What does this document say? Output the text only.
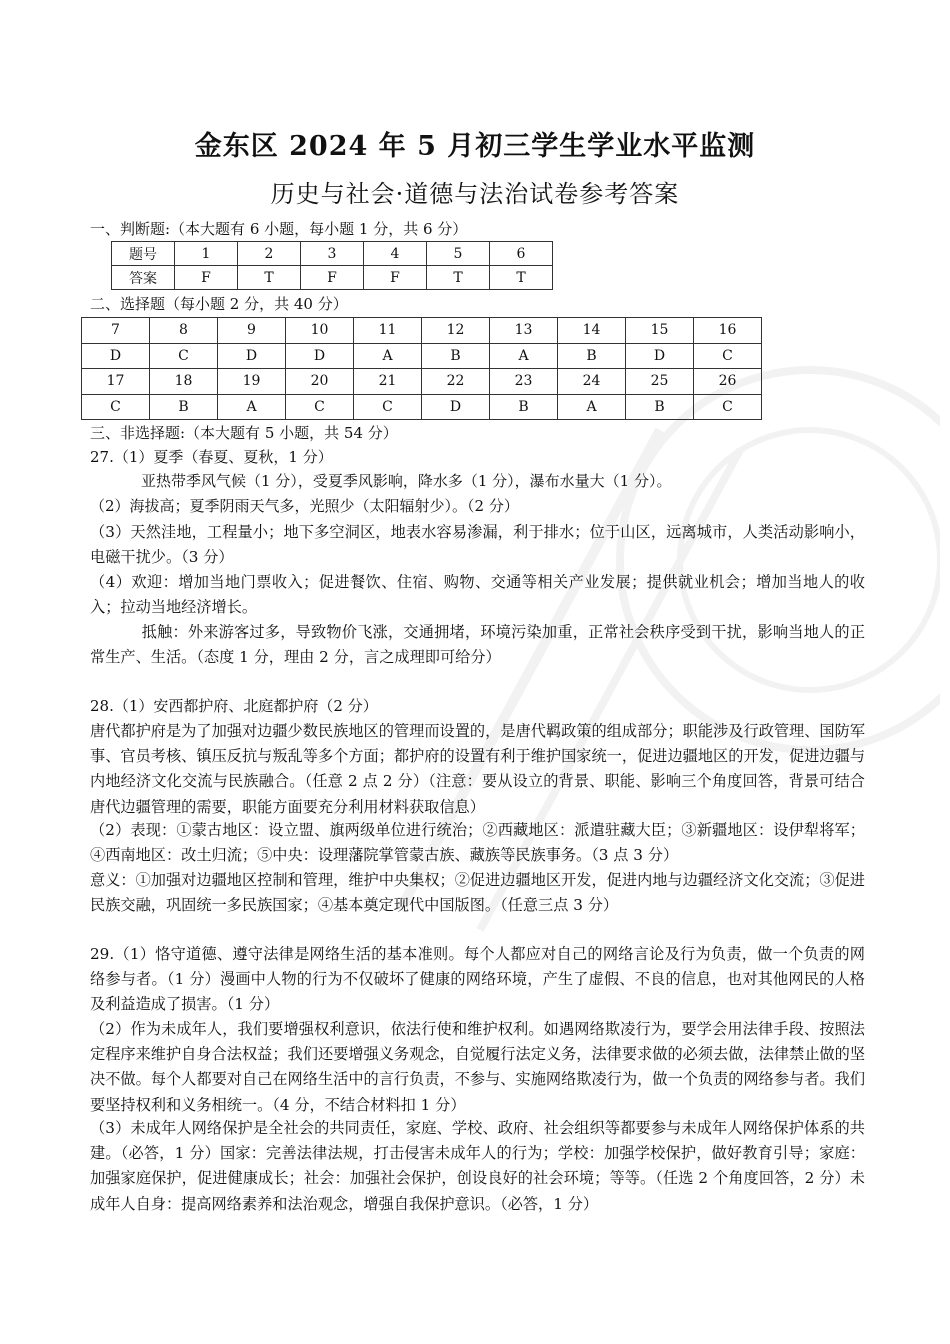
金东区 2024 年 5 月初三学生学业水平监测
历史与社会·道德与法治试卷参考答案
一、判断题:（本大题有 6 小题，每小题 1 分，共 6 分）
题号	1	2	3	4	5	6
答案	F	T	F	F	T	T
二、选择题（每小题 2 分，共 40 分）
7	8	9	10	11	12	13	14	15	16
D	C	D	D	A	B	A	B	D	C
17	18	19	20	21	22	23	24	25	26
C	B	A	C	C	D	B	A	B	C
三、非选择题:（本大题有 5 小题，共 54 分）
27.（1）夏季（春夏、夏秋，1 分）
亚热带季风气候（1 分），受夏季风影响，降水多（1 分），瀑布水量大（1 分）。
（2）海拔高；夏季阴雨天气多，光照少（太阳辐射少）。（2 分）
（3）天然洼地，工程量小；地下多空洞区，地表水容易渗漏，利于排水；位于山区，远离城市，人类活动影响小，电磁干扰少。（3 分）
（4）欢迎：增加当地门票收入；促进餐饮、住宿、购物、交通等相关产业发展；提供就业机会；增加当地人的收入；拉动当地经济增长。
抵触：外来游客过多，导致物价飞涨，交通拥堵，环境污染加重，正常社会秩序受到干扰，影响当地人的正常生产、生活。（态度 1 分，理由 2 分，言之成理即可给分）
28.（1）安西都护府、北庭都护府（2 分）
唐代都护府是为了加强对边疆少数民族地区的管理而设置的，是唐代羁政策的组成部分；职能涉及行政管理、国防军事、官员考核、镇压反抗与叛乱等多个方面；都护府的设置有利于维护国家统一，促进边疆地区的开发，促进边疆与内地经济文化交流与民族融合。（任意 2 点 2 分）（注意：要从设立的背景、职能、影响三个角度回答，背景可结合唐代边疆管理的需要，职能方面要充分利用材料获取信息）
（2）表现：①蒙古地区：设立盟、旗两级单位进行统治；②西藏地区：派遣驻藏大臣；③新疆地区：设伊犁将军；④西南地区：改土归流；⑤中央：设理藩院掌管蒙古族、藏族等民族事务。（3 点 3 分）
意义：①加强对边疆地区控制和管理，维护中央集权；②促进边疆地区开发，促进内地与边疆经济文化交流；③促进民族交融，巩固统一多民族国家；④基本奠定现代中国版图。（任意三点 3 分）
29.（1）恪守道德、遵守法律是网络生活的基本准则。每个人都应对自己的网络言论及行为负责，做一个负责的网络参与者。（1 分）漫画中人物的行为不仅破坏了健康的网络环境，产生了虚假、不良的信息，也对其他网民的人格及利益造成了损害。（1 分）
（2）作为未成年人，我们要增强权利意识，依法行使和维护权利。如遇网络欺凌行为，要学会用法律手段、按照法定程序来维护自身合法权益；我们还要增强义务观念，自觉履行法定义务，法律要求做的必须去做，法律禁止做的坚决不做。每个人都要对自己在网络生活中的言行负责，不参与、实施网络欺凌行为，做一个负责的网络参与者。我们要坚持权利和义务相统一。（4 分，不结合材料扣 1 分）
（3）未成年人网络保护是全社会的共同责任，家庭、学校、政府、社会组织等都要参与未成年人网络保护体系的共建。（必答，1 分）国家：完善法律法规，打击侵害未成年人的行为；学校：加强学校保护，做好教育引导；家庭：加强家庭保护，促进健康成长；社会：加强社会保护，创设良好的社会环境；等等。（任选 2 个角度回答，2 分）未成年人自身：提高网络素养和法治观念，增强自我保护意识。（必答，1 分）
